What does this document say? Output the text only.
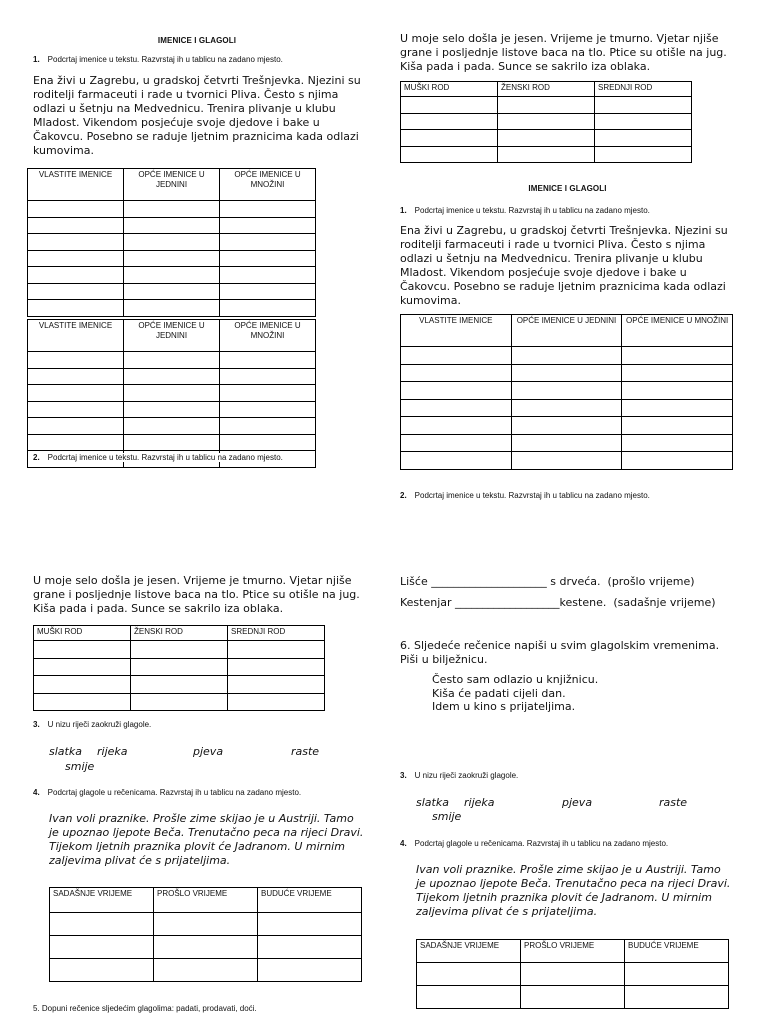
IMENICE I GLAGOLI
1. Podcrtaj imenice u tekstu. Razvrstaj ih u tablicu na zadano mjesto.
Ena živi u Zagrebu, u gradskoj četvrti Trešnjevka. Njezini su
roditelji farmaceuti i rade u tvornici Pliva. Često s njima
odlazi u šetnju na Medvednicu. Trenira plivanje u klubu
Mladost. Vikendom posjećuje svoje djedove i bake u
Čakovcu. Posebno se raduje ljetnim praznicima kada odlazi
kumovima.
VLASTITE IMENICE	OPĆE IMENICE U JEDNINI	OPĆE IMENICE U MNOŽINI

VLASTITE IMENICE	OPĆE IMENICE U JEDNINI	OPĆE IMENICE U MNOŽINI

2. Podcrtaj imenice u tekstu. Razvrstaj ih u tablicu na zadano mjesto.
U moje selo došla je jesen. Vrijeme je tmurno. Vjetar njiše
grane i posljednje listove baca na tlo. Ptice su otišle na jug.
Kiša pada i pada. Sunce se sakrilo iza oblaka.
MUŠKI ROD	ŽENSKI ROD	SREDNJI ROD

3. U nizu riječi zaokruži glagole.
slatka rijeka	pjeva	raste
smije
4. Podcrtaj glagole u rečenicama. Razvrstaj ih u tablicu na zadano mjesto.
Ivan voli praznike. Prošle zime skijao je u Austriji. Tamo
je upoznao ljepote Beča. Trenutačno peca na rijeci Dravi.
Tijekom ljetnih praznika plovit će Jadranom. U mirnim
zaljevima plivat će s prijateljima.
SADAŠNJE VRIJEME	PROŠLO VRIJEME	BUDUĆE VRIJEME

5. Dopuni rečenice sljedećim glagolima: padati, prodavati, doći.
U moje selo došla je jesen. Vrijeme je tmurno. Vjetar njiše
grane i posljednje listove baca na tlo. Ptice su otišle na jug.
Kiša pada i pada. Sunce se sakrilo iza oblaka.
MUŠKI ROD	ŽENSKI ROD	SREDNJI ROD

IMENICE I GLAGOLI
1. Podcrtaj imenice u tekstu. Razvrstaj ih u tablicu na zadano mjesto.
Ena živi u Zagrebu, u gradskoj četvrti Trešnjevka. Njezini su
roditelji farmaceuti i rade u tvornici Pliva. Često s njima
odlazi u šetnju na Medvednicu. Trenira plivanje u klubu
Mladost. Vikendom posjećuje svoje djedove i bake u
Čakovcu. Posebno se raduje ljetnim praznicima kada odlazi
kumovima.
VLASTITE IMENICE	OPĆE IMENICE U JEDNINI	OPĆE IMENICE U MNOŽINI

2. Podcrtaj imenice u tekstu. Razvrstaj ih u tablicu na zadano mjesto.
Lišće _____________________ s drveća. (prošlo vrijeme)
Kestenjar ___________________kestene. (sadašnje vrijeme)
6. Sljedeće rečenice napiši u svim glagolskim vremenima.
Piši u bilježnicu.
Često sam odlazio u knjižnicu.
Kiša će padati cijeli dan.
Idem u kino s prijateljima.
3. U nizu riječi zaokruži glagole.
slatka rijeka	pjeva	raste
smije
4. Podcrtaj glagole u rečenicama. Razvrstaj ih u tablicu na zadano mjesto.
Ivan voli praznike. Prošle zime skijao je u Austriji. Tamo
je upoznao ljepote Beča. Trenutačno peca na rijeci Dravi.
Tijekom ljetnih praznika plovit će Jadranom. U mirnim
zaljevima plivat će s prijateljima.
SADAŠNJE VRIJEME	PROŠLO VRIJEME	BUDUĆE VRIJEME
